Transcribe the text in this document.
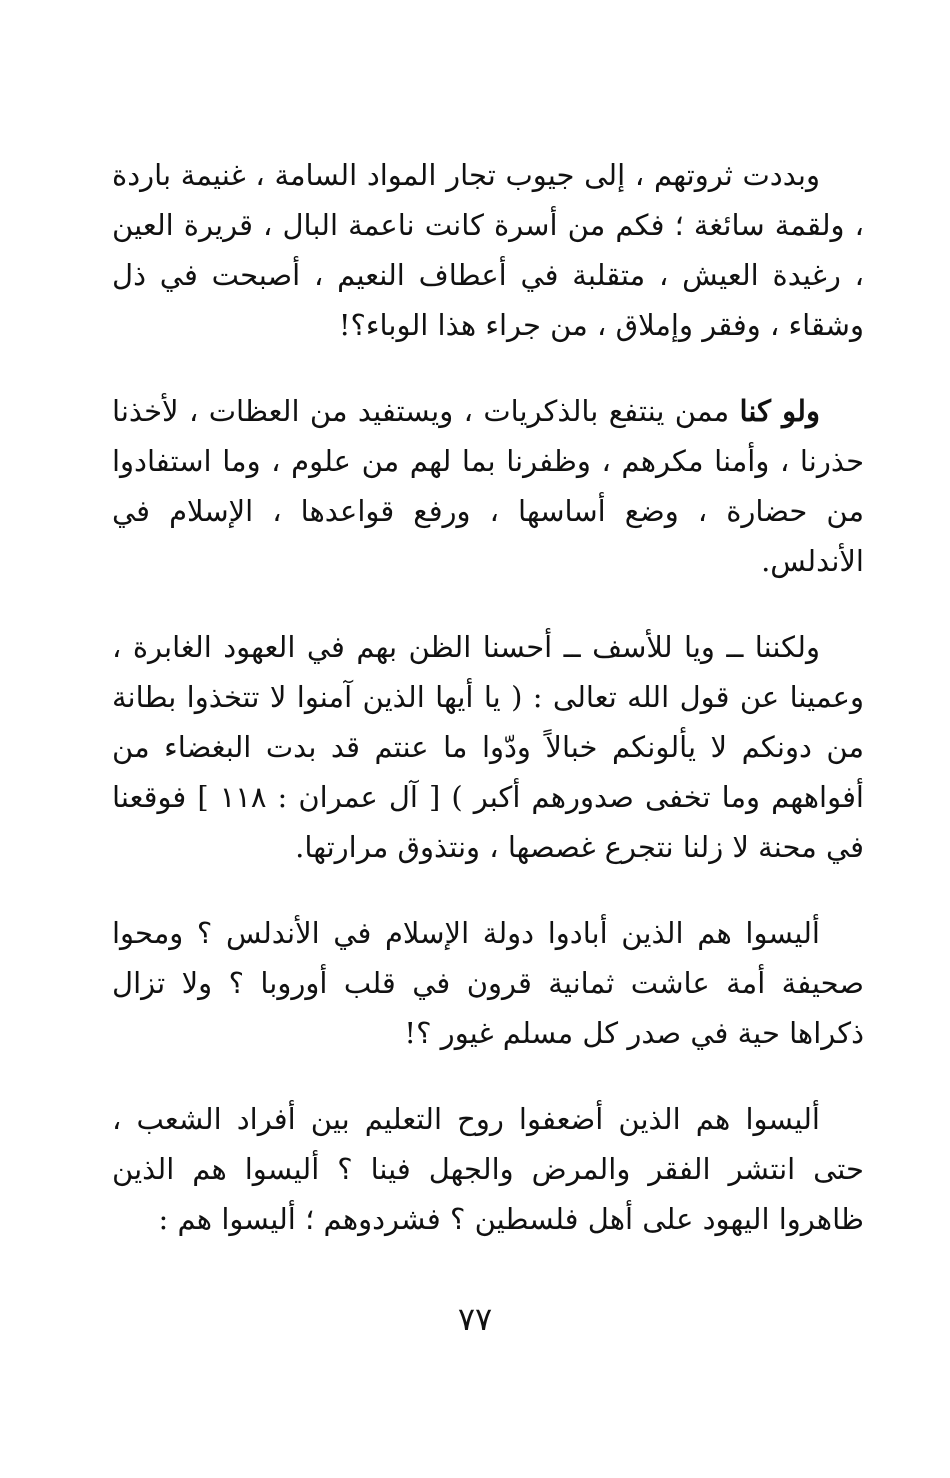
وبددت ثروتهم ، إلى جيوب تجار المواد السامة ، غنيمة باردة ، ولقمة سائغة ؛ فكم من أسرة كانت ناعمة البال ، قريرة العين ، رغيدة العيش ، متقلبة في أعطاف النعيم ، أصبحت في ذل وشقاء ، وفقر وإملاق ، من جراء هذا الوباء؟!

ولو كنا ممن ينتفع بالذكريات ، ويستفيد من العظات ، لأخذنا حذرنا ، وأمنا مكرهم ، وظفرنا بما لهم من علوم ، وما استفادوا من حضارة ، وضع أساسها ، ورفع قواعدها ، الإسلام في الأندلس.

ولكننا ــ ويا للأسف ــ أحسنا الظن بهم في العهود الغابرة ، وعمينا عن قول الله تعالى : ( يا أيها الذين آمنوا لا تتخذوا بطانة من دونكم لا يألونكم خبالاً ودّوا ما عنتم قد بدت البغضاء من أفواههم وما تخفى صدورهم أكبر ) [ آل عمران : ١١٨ ] فوقعنا في محنة لا زلنا نتجرع غصصها ، ونتذوق مرارتها.

أليسوا هم الذين أبادوا دولة الإسلام في الأندلس ؟ ومحوا صحيفة أمة عاشت ثمانية قرون في قلب أوروبا ؟ ولا تزال ذكراها حية في صدر كل مسلم غيور ؟!

أليسوا هم الذين أضعفوا روح التعليم بين أفراد الشعب ، حتى انتشر الفقر والمرض والجهل فينا ؟ أليسوا هم الذين ظاهروا اليهود على أهل فلسطين ؟ فشردوهم ؛ أليسوا هم :

٧٧
